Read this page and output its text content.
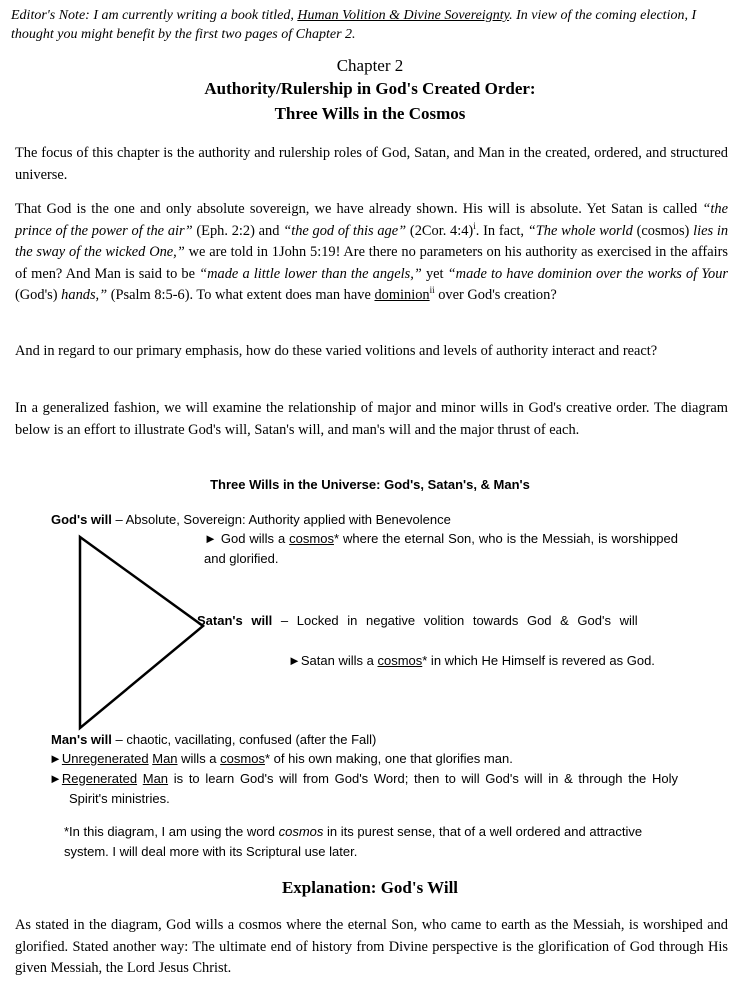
Editor's Note: I am currently writing a book titled, Human Volition & Divine Sovereignty. In view of the coming election, I thought you might benefit by the first two pages of Chapter 2.
Chapter 2
Authority/Rulership in God's Created Order:
Three Wills in the Cosmos
The focus of this chapter is the authority and rulership roles of God, Satan, and Man in the created, ordered, and structured universe.
That God is the one and only absolute sovereign, we have already shown. His will is absolute. Yet Satan is called “the prince of the power of the air” (Eph. 2:2) and “the god of this age” (2Cor. 4:4)$^i$. In fact, “The whole world (cosmos) lies in the sway of the wicked One,” we are told in 1John 5:19! Are there no parameters on his authority as exercised in the affairs of men? And Man is said to be “made a little lower than the angels,” yet “made to have dominion over the works of Your (God's) hands,” (Psalm 8:5-6). To what extent does man have dominion$^{ii}$ over God's creation?
And in regard to our primary emphasis, how do these varied volitions and levels of authority interact and react?
In a generalized fashion, we will examine the relationship of major and minor wills in God's creative order. The diagram below is an effort to illustrate God's will, Satan's will, and man's will and the major thrust of each.
Three Wills in the Universe: God's, Satan's, & Man's
God's will – Absolute, Sovereign: Authority applied with Benevolence
► God wills a cosmos* where the eternal Son, who is the Messiah, is worshipped and glorified.
Satan's will – Locked in negative volition towards God & God's will
►Satan wills a cosmos* in which He Himself is revered as God.
Man's will – chaotic, vacillating, confused (after the Fall)
►Unregenerated Man wills a cosmos* of his own making, one that glorifies man.
►Regenerated Man is to learn God's will from God's Word; then to will God's will in & through the Holy Spirit's ministries.
*In this diagram, I am using the word cosmos in its purest sense, that of a well ordered and attractive system. I will deal more with its Scriptural use later.
Explanation: God's Will
As stated in the diagram, God wills a cosmos where the eternal Son, who came to earth as the Messiah, is worshiped and glorified. Stated another way: The ultimate end of history from Divine perspective is the glorification of God through His given Messiah, the Lord Jesus Christ.
